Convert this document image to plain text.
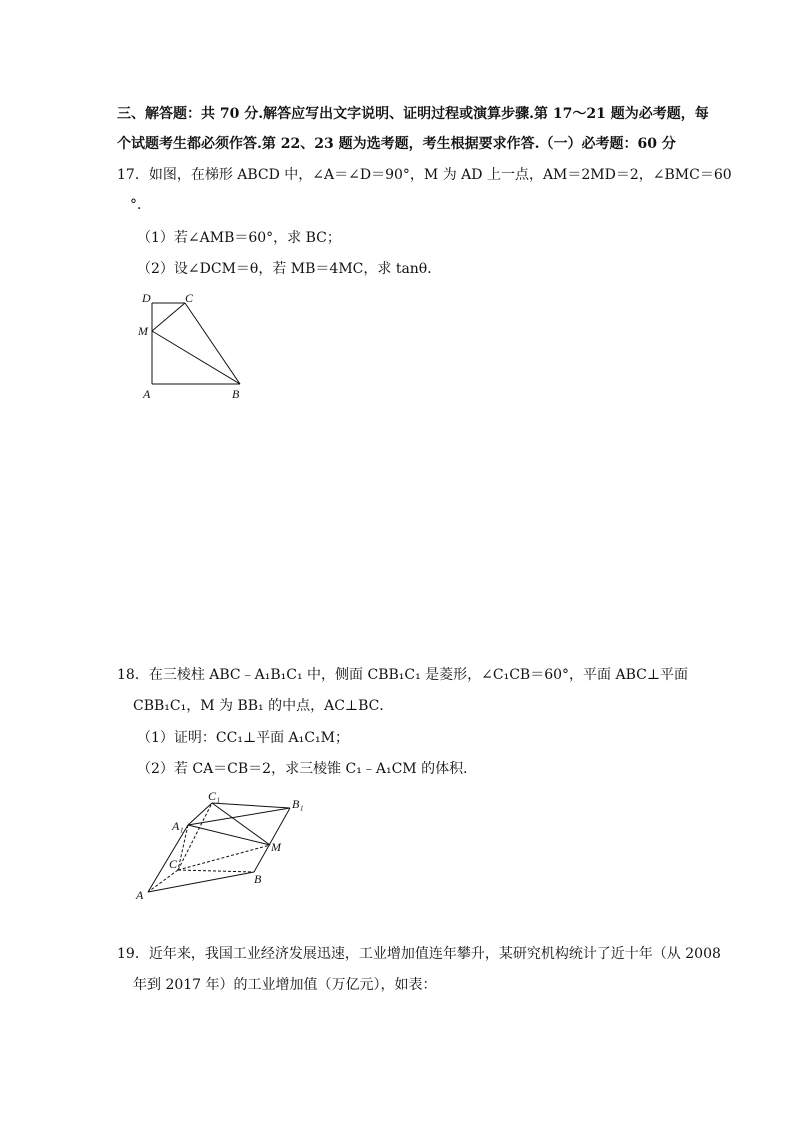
三、解答题：共 70 分.解答应写出文字说明、证明过程或演算步骤.第 17～21 题为必考题，每
个试题考生都必须作答.第 22、23 题为选考题，考生根据要求作答.（一）必考题：60 分
17．如图，在梯形 ABCD 中，∠A＝∠D＝90°，M 为 AD 上一点，AM＝2MD＝2，∠BMC＝60
°．
（1）若∠AMB＝60°，求 BC；
（2）设∠DCM＝θ，若 MB＝4MC，求 tanθ．
D	C
M
A	B
18．在三棱柱 ABC﹣A₁B₁C₁ 中，侧面 CBB₁C₁ 是菱形，∠C₁CB＝60°，平面 ABC⊥平面
CBB₁C₁，M 为 BB₁ 的中点，AC⊥BC．
（1）证明：CC₁⊥平面 A₁C₁M；
（2）若 CA＝CB＝2，求三棱锥 C₁﹣A₁CM 的体积．
C₁
B₁
A₁
M
C
B
A
19．近年来，我国工业经济发展迅速，工业增加值连年攀升，某研究机构统计了近十年（从 2008
年到 2017 年）的工业增加值（万亿元），如表：
